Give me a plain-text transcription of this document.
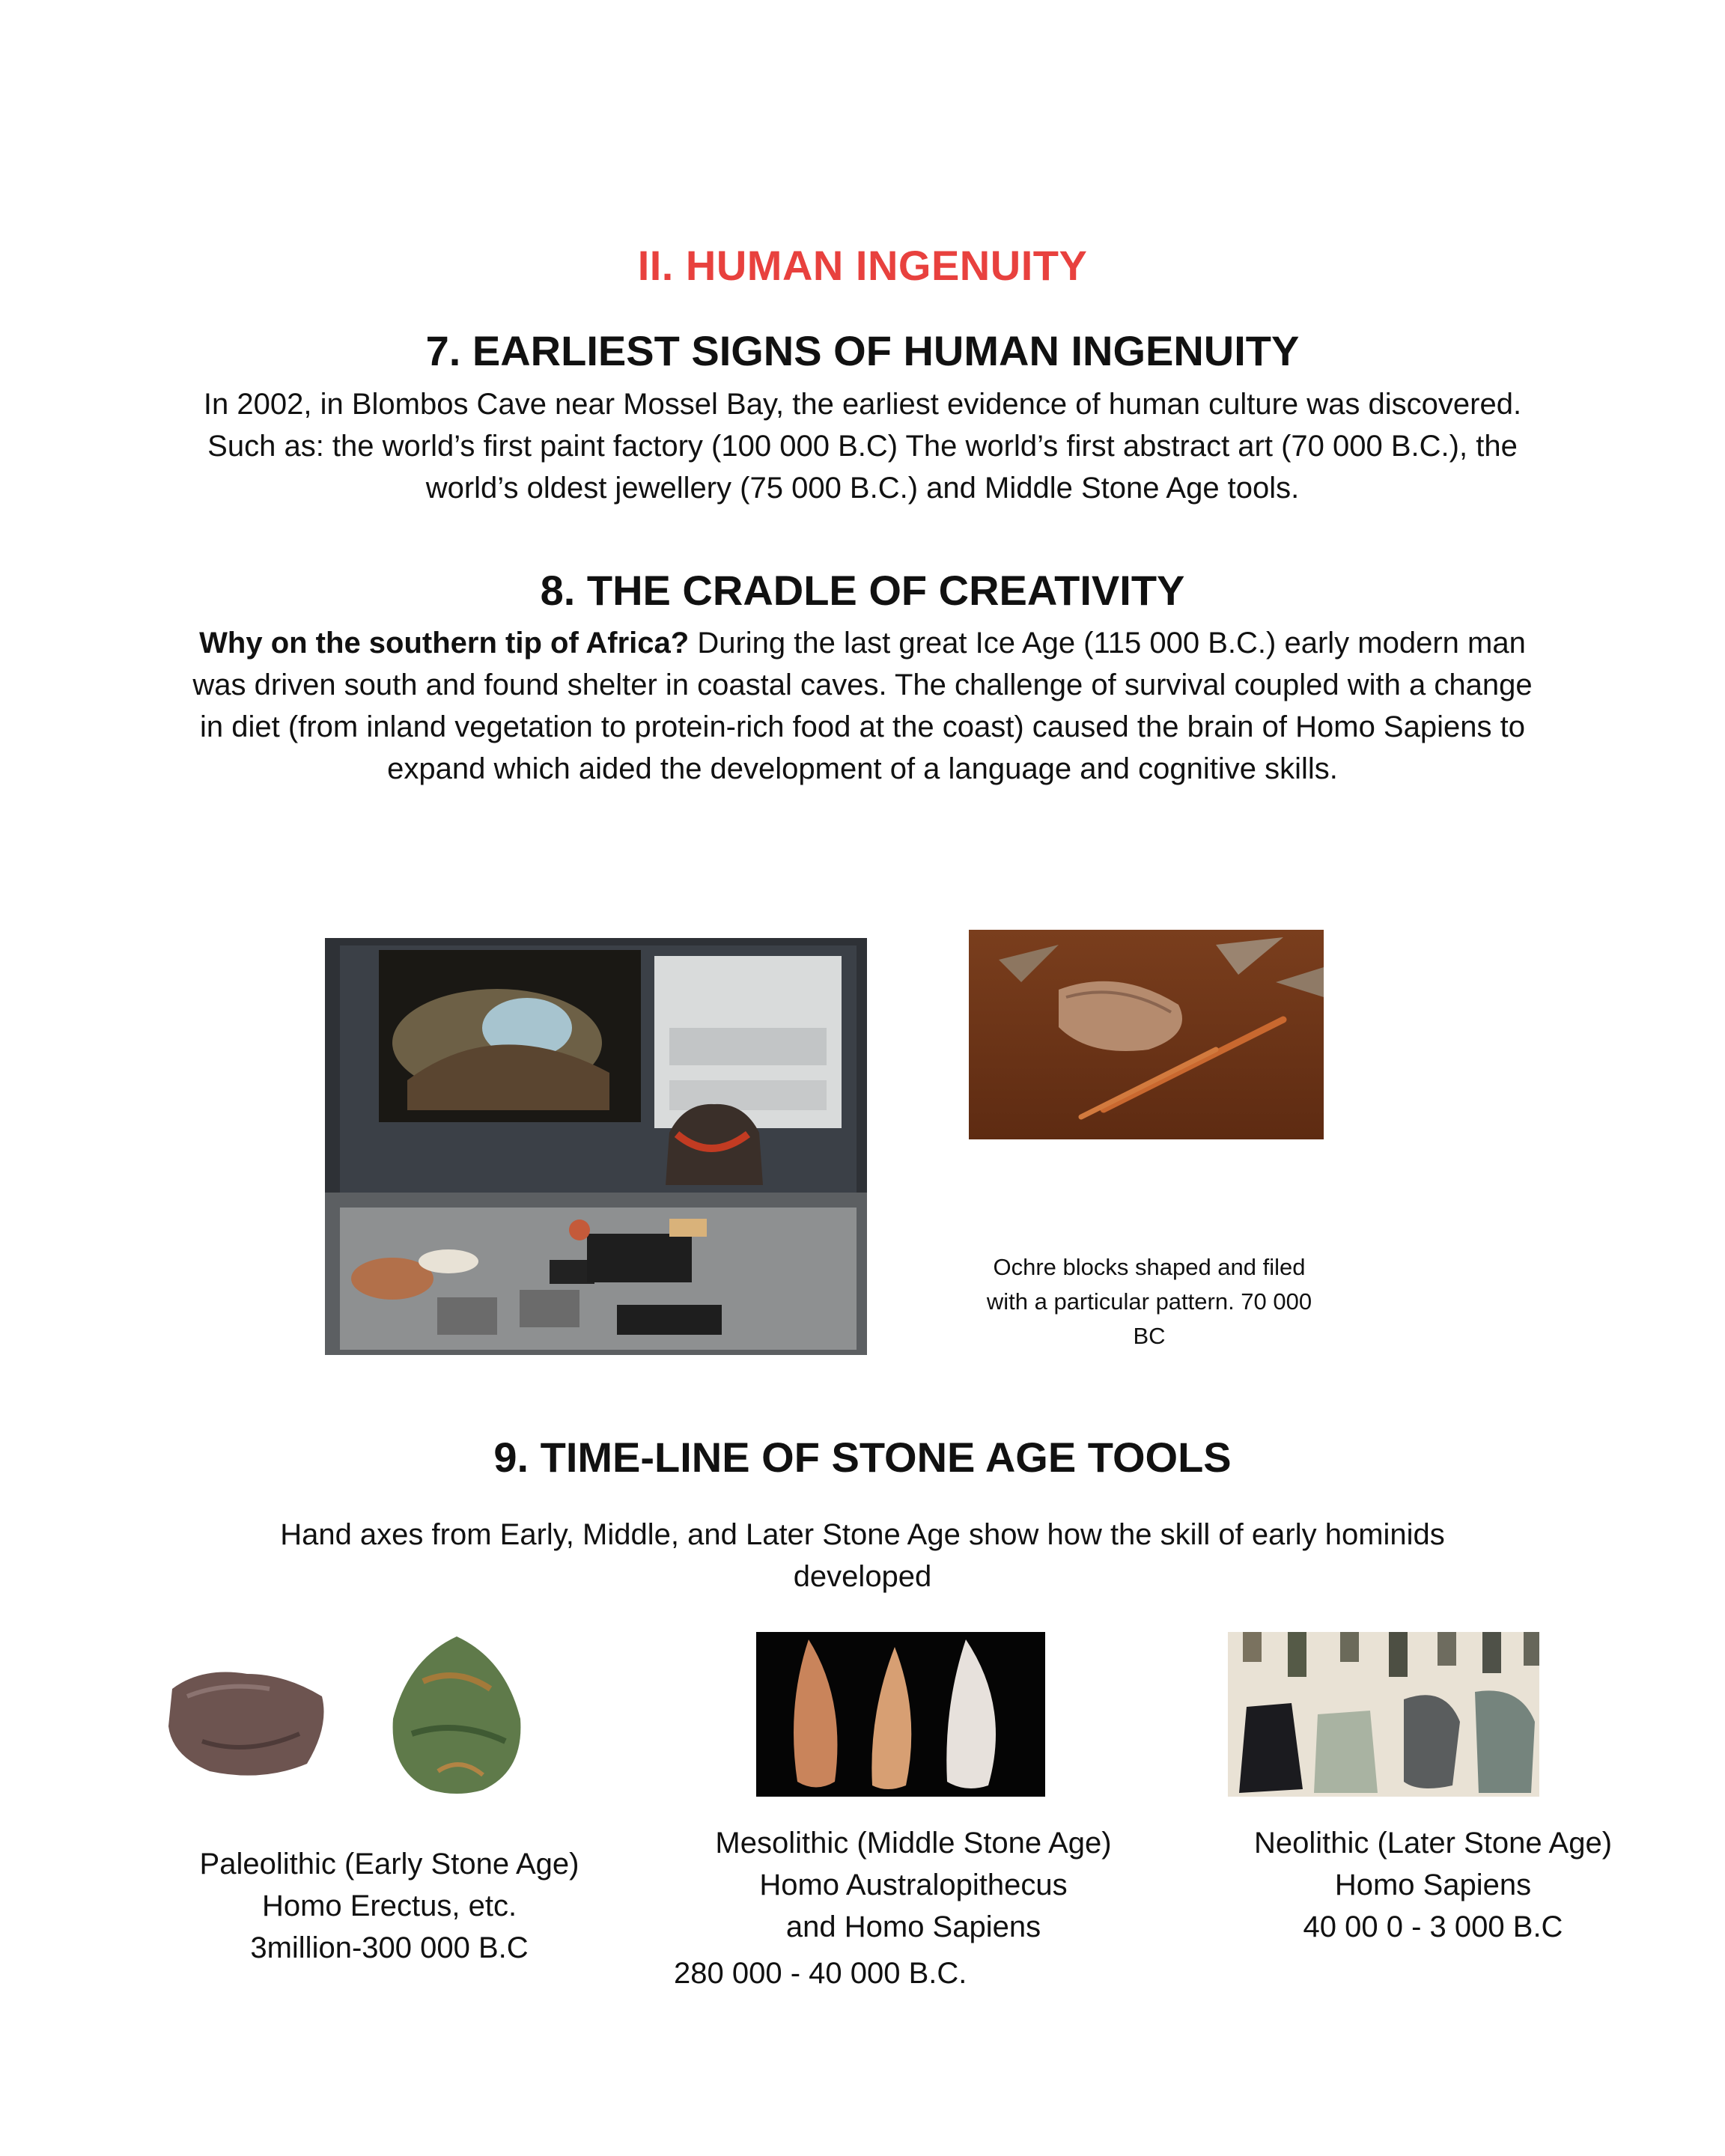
II. HUMAN INGENUITY
7. EARLIEST SIGNS OF HUMAN INGENUITY
In 2002, in Blombos Cave near Mossel Bay, the earliest evidence of human culture was discovered. Such as: the world’s first paint factory (100 000 B.C) The world’s first abstract art (70 000 B.C.), the world’s oldest jewellery (75 000 B.C.) and Middle Stone Age tools.
8. THE CRADLE OF CREATIVITY
Why on the southern tip of Africa? During the last great Ice Age (115 000 B.C.) early modern man was driven south and found shelter in coastal caves. The challenge of survival coupled with a change in diet (from inland vegetation to protein-rich food at the coast) caused the brain of Homo Sapiens to expand which aided the development of a language and cognitive skills.
Ochre blocks shaped and filed with a particular pattern. 70 000 BC
9. TIME-LINE OF STONE AGE TOOLS
Hand axes from Early, Middle, and Later Stone Age show how the skill of early hominids developed
Paleolithic (Early Stone Age)
Homo Erectus, etc.
3million-300 000 B.C
Mesolithic (Middle Stone Age)
Homo Australopithecus
and Homo Sapiens
280 000 - 40 000 B.C.
Neolithic (Later Stone Age)
Homo Sapiens
40 00 0 - 3 000 B.C
